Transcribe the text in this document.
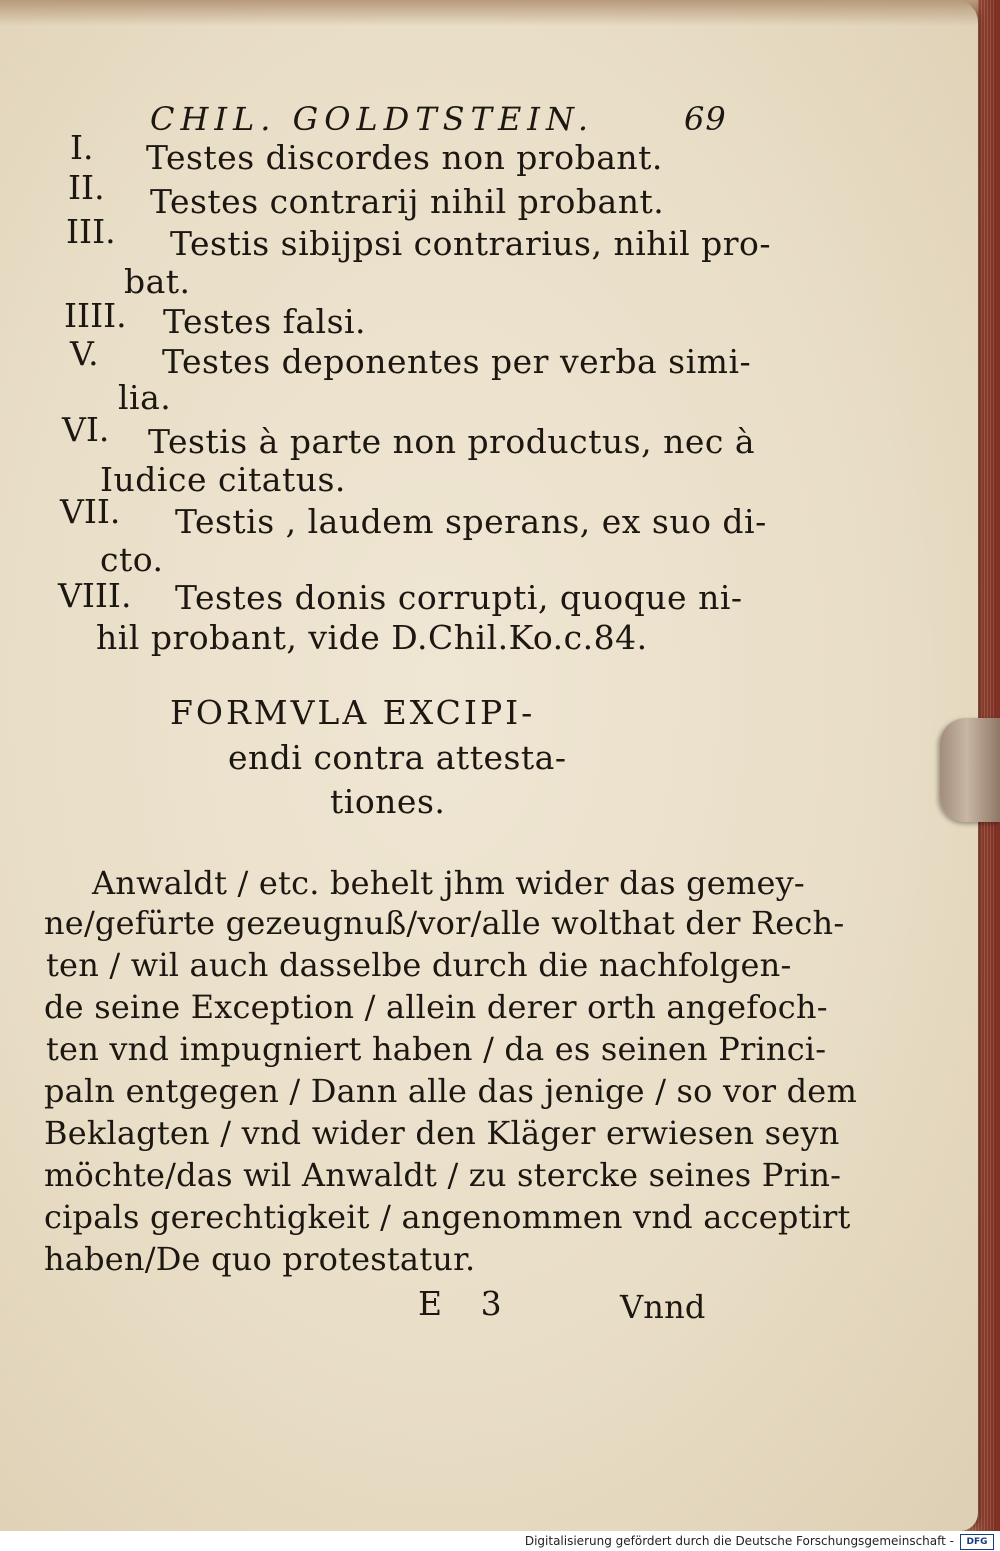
CHIL. GOLDTSTEIN.	69
I. Testes discordes non probant.
II. Testes contrarij nihil probant.
III. Testis sibijpsi contrarius, nihil pro-
bat.
IIII. Testes falsi.
V. Testes deponentes per verba simi-
lia.
VI. Testis à parte non productus, nec à
Iudice citatus.
VII. Testis , laudem sperans, ex suo di-
cto.
VIII. Testes donis corrupti, quoque ni-
hil probant, vide D.Chil.Ko.c.84.
FORMVLA EXCIPI-
endi contra attesta-
tiones.
Anwaldt / etc. behelt jhm wider das gemey-
ne/gefürte gezeugnuß/vor/alle wolthat der Rech-
ten / wil auch dasselbe durch die nachfolgen-
de seine Exception / allein derer orth angefoch-
ten vnd impugniert haben / da es seinen Princi-
paln entgegen / Dann alle das jenige / so vor dem
Beklagten / vnd wider den Kläger erwiesen seyn
möchte/das wil Anwaldt / zu stercke seines Prin-
cipals gerechtigkeit / angenommen vnd acceptirt
haben/De quo protestatur.
E 3	Vnnd
Digitalisierung gefördert durch die Deutsche Forschungsgemeinschaft -	DFG
